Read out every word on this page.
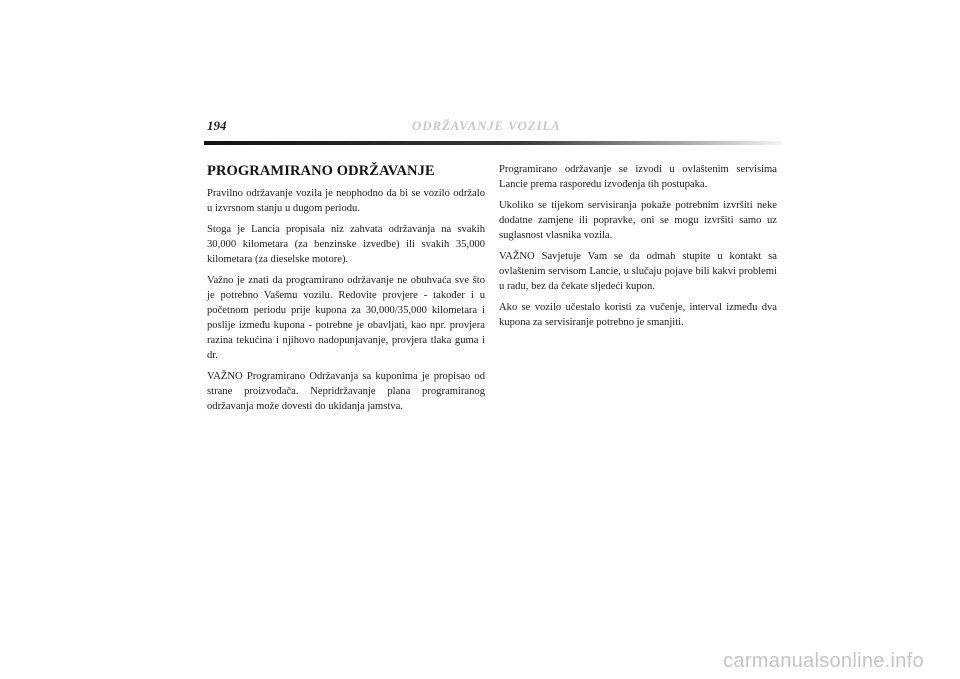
194	ODRŽAVANJE VOZILA
PROGRAMIRANO ODRŽAVANJE

Pravilno održavanje vozila je neophodno da bi se vozilo održalo u izvrsnom stanju u dugom periodu.

Stoga je Lancia propisala niz zahvata održavanja na svakih 30,000 kilometara (za benzinske izvedbe) ili svakih 35,000 kilometara (za dieselske motore).

Važno je znati da programirano održavanje ne obuhvaća sve što je potrebno Vašemu vozilu. Redovite provjere - također i u početnom periodu prije kupona za 30,000/35,000 kilometara i poslije između kupona - potrebne je obavljati, kao npr. provjera razina tekućina i njihovo nadopunjavanje, provjera tlaka guma i dr.

VAŽNO Programirano Održavanja sa kuponima je propisao od strane proizvođača. Nepridržavanje plana programiranog održavanja može dovesti do ukidanja jamstva.

Programirano održavanje se izvodi u ovlaštenim servisima Lancie prema rasporedu izvođenja tih postupaka.

Ukoliko se tijekom servisiranja pokaže potrebnim izvršiti neke dodatne zamjene ili popravke, oni se mogu izvršiti samo uz suglasnost vlasnika vozila.

VAŽNO Savjetuje Vam se da odmah stupite u kontakt sa ovlaštenim servisom Lancie, u slučaju pojave bili kakvi problemi u radu, bez da čekate sljedeći kupon.

Ako se vozilo učestalo koristi za vučenje, interval između dva kupona za servisiranje potrebno je smanjiti.

carmanualsonline.info
